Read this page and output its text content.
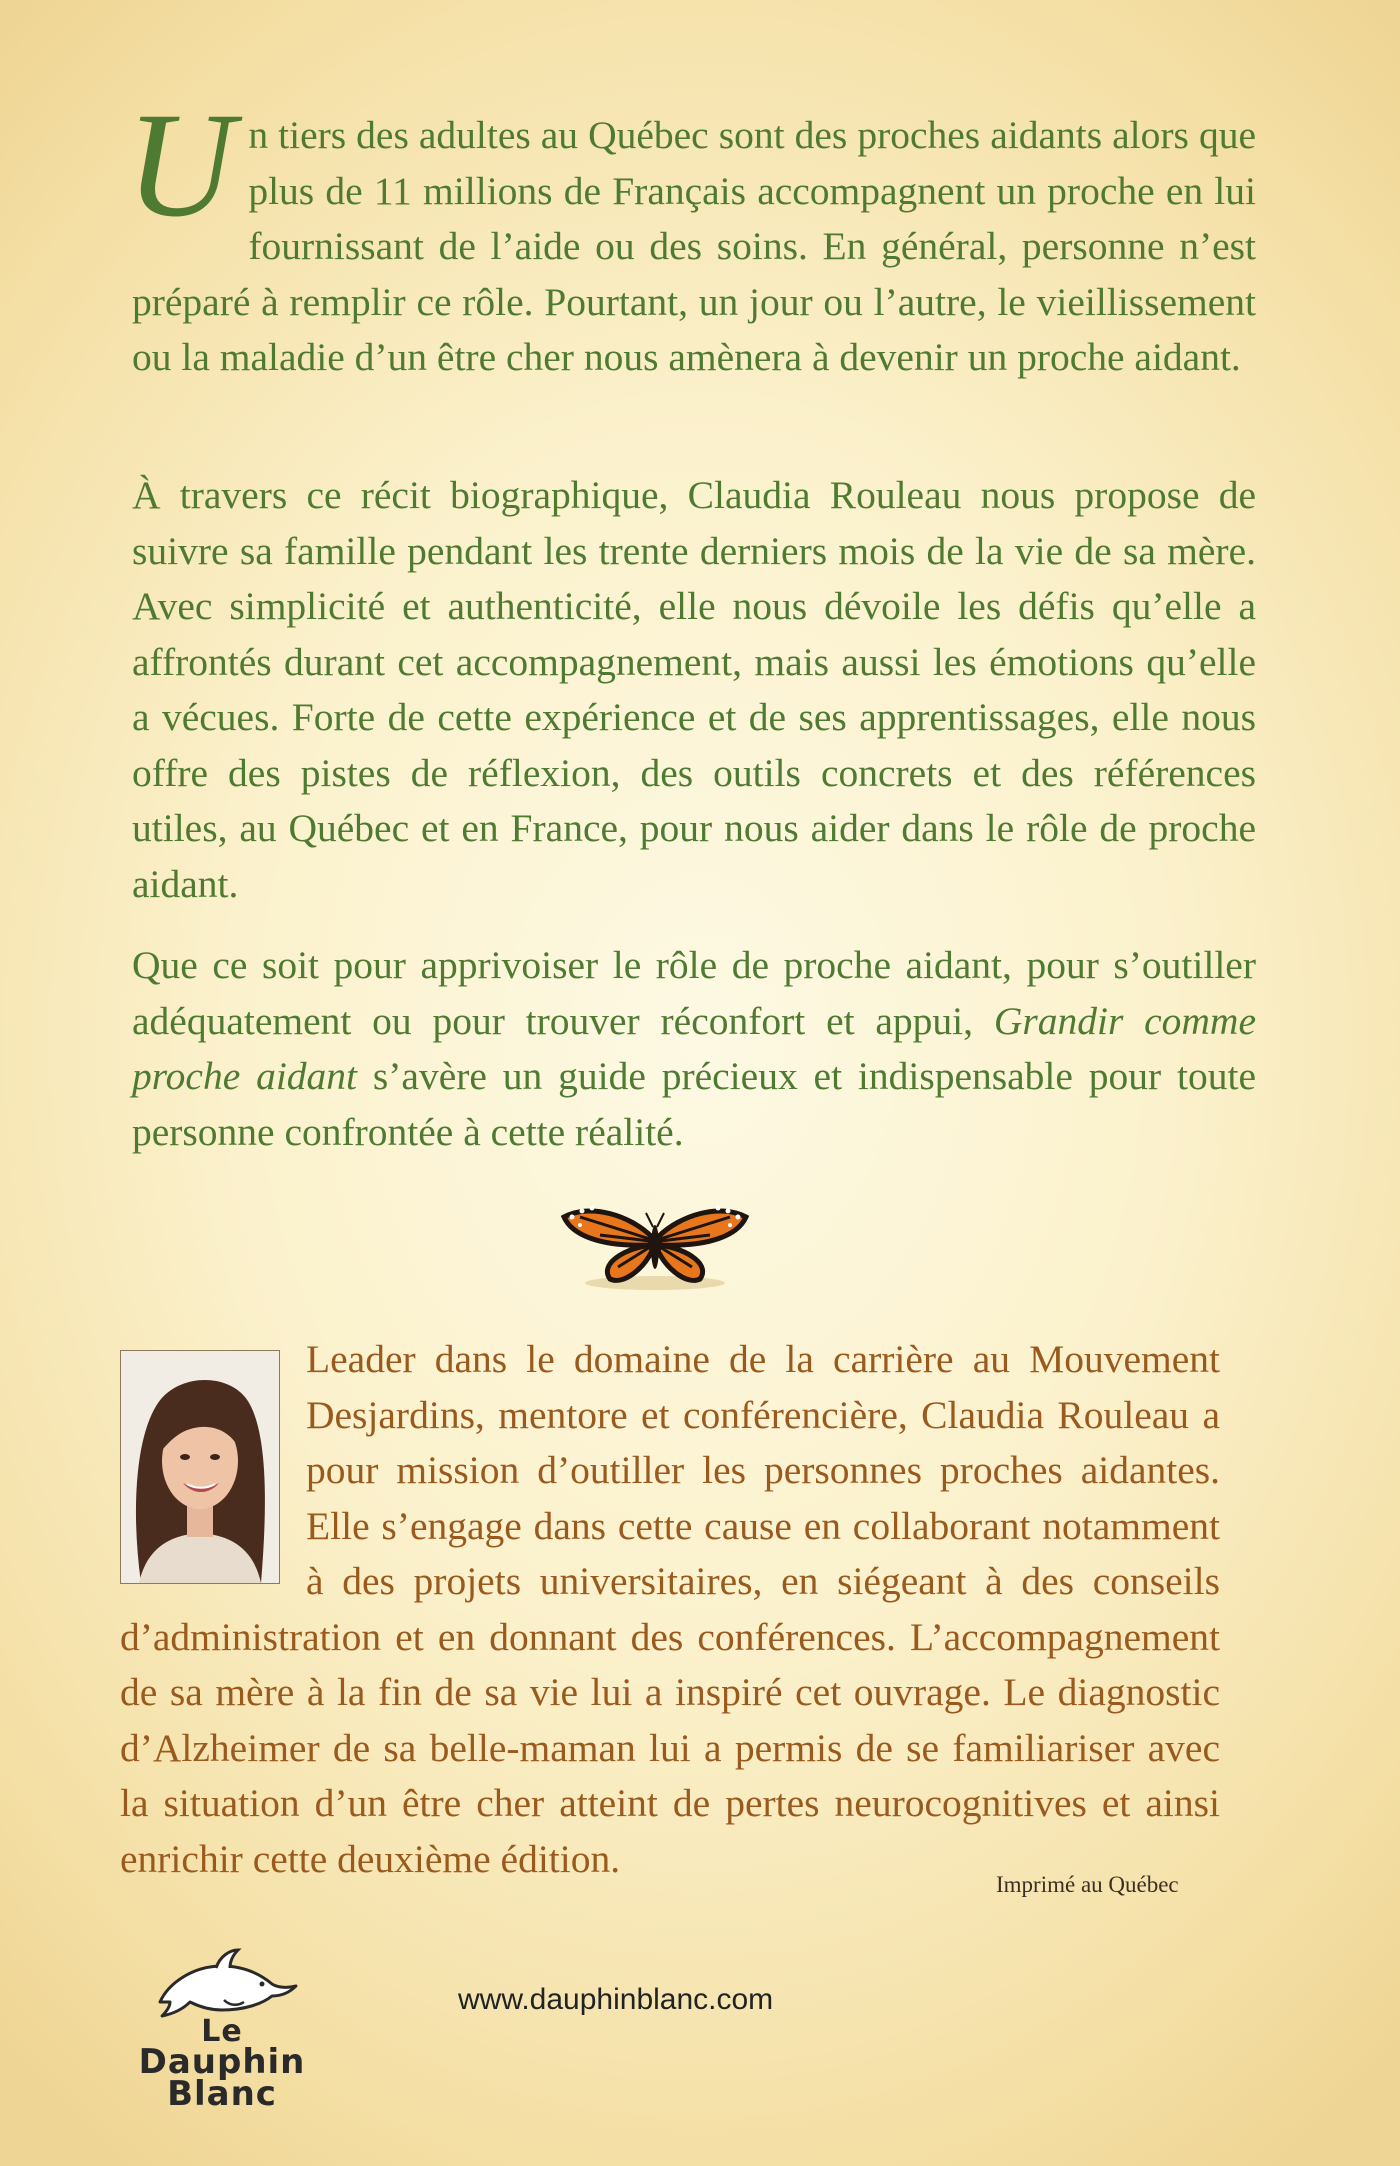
Un tiers des adultes au Québec sont des proches aidants alors que plus de 11 millions de Français accompagnent un proche en lui fournissant de l’aide ou des soins. En général, personne n’est préparé à remplir ce rôle. Pourtant, un jour ou l’autre, le vieillissement ou la maladie d’un être cher nous amènera à devenir un proche aidant.

À travers ce récit biographique, Claudia Rouleau nous propose de suivre sa famille pendant les trente derniers mois de la vie de sa mère. Avec simplicité et authenticité, elle nous dévoile les défis qu’elle a affrontés durant cet accompagnement, mais aussi les émotions qu’elle a vécues. Forte de cette expérience et de ses apprentissages, elle nous offre des pistes de réflexion, des outils concrets et des références utiles, au Québec et en France, pour nous aider dans le rôle de proche aidant.

Que ce soit pour apprivoiser le rôle de proche aidant, pour s’outiller adéquatement ou pour trouver réconfort et appui, Grandir comme proche aidant s’avère un guide précieux et indispensable pour toute personne confrontée à cette réalité.

Leader dans le domaine de la carrière au Mouvement Desjardins, mentore et conférencière, Claudia Rouleau a pour mission d’outiller les personnes proches aidantes. Elle s’engage dans cette cause en collaborant notamment à des projets universitaires, en siégeant à des conseils d’administration et en donnant des conférences. L’accompagnement de sa mère à la fin de sa vie lui a inspiré cet ouvrage. Le diagnostic d’Alzheimer de sa belle-maman lui a permis de se familiariser avec la situation d’un être cher atteint de pertes neurocognitives et ainsi enrichir cette deuxième édition.
Imprimé au Québec
Le
Dauphin
Blanc
www.dauphinblanc.com
